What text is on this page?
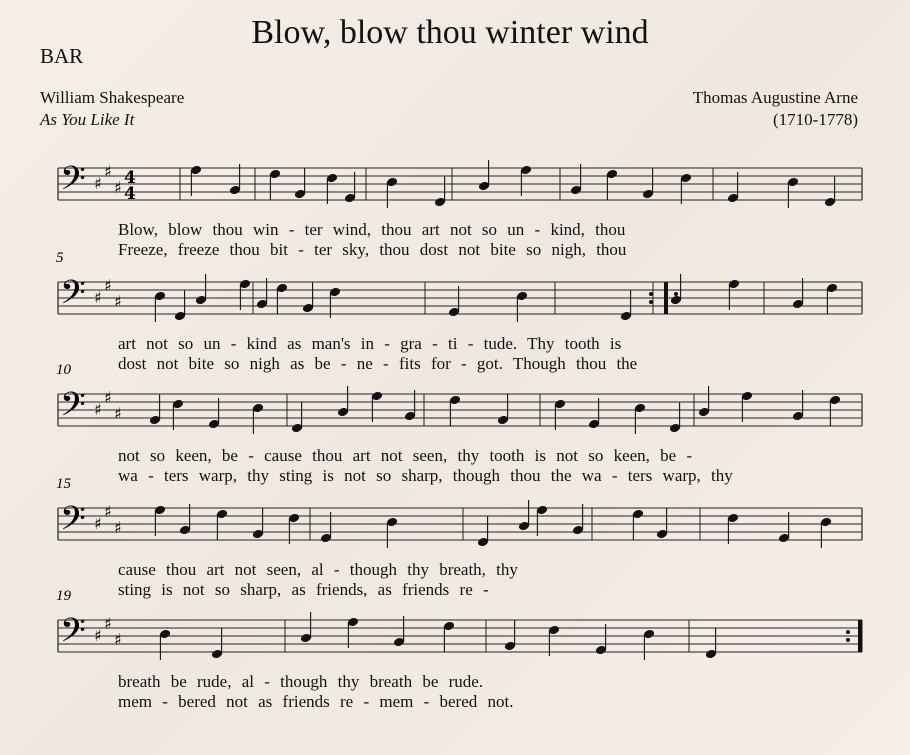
Blow, blow thou winter wind
BAR
William Shakespeare
As You Like It
Thomas Augustine Arne
(1710-1778)
𝄢 ♯
♯
♯ 4
4
𝄢 ♯
♯
♯
5
𝄢 ♯
♯
♯
10
𝄢 ♯
♯
♯
15
𝄢 ♯
♯
♯
19
Blow, blow thou win - ter wind, thou art not so un - kind, thou
Freeze, freeze thou bit - ter sky, thou dost not bite so nigh, thou
art not so un - kind as man's in - gra - ti - tude. Thy tooth is
dost not bite so nigh as be - ne - fits for - got. Though thou the
not so keen, be - cause thou art not seen, thy tooth is not so keen, be -
wa - ters warp, thy sting is not so sharp, though thou the wa - ters warp, thy
cause thou art not seen, al - though thy breath, thy
sting is not so sharp, as friends, as friends re -
breath be rude, al - though thy breath be rude.
mem - bered not as friends re - mem - bered not.
